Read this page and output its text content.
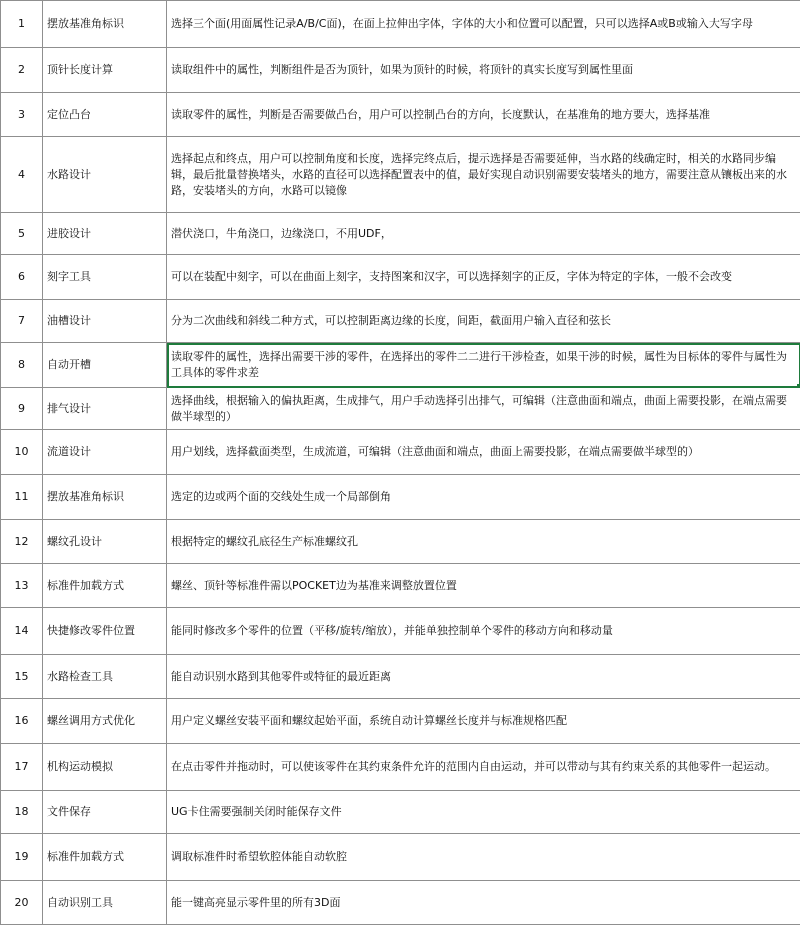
1	摆放基准角标识	选择三个面(用面属性记录A/B/C面)，在面上拉伸出字体，字体的大小和位置可以配置，只可以选择A或B或输入大写字母
2	顶针长度计算	读取组件中的属性，判断组件是否为顶针，如果为顶针的时候，将顶针的真实长度写到属性里面
3	定位凸台	读取零件的属性，判断是否需要做凸台，用户可以控制凸台的方向，长度默认，在基准角的地方要大，选择基准
4	水路设计	选择起点和终点，用户可以控制角度和长度，选择完终点后，提示选择是否需要延伸，当水路的线确定时，相关的水路同步编辑，最后批量替换堵头，水路的直径可以选择配置表中的值，最好实现自动识别需要安装堵头的地方，需要注意从镶板出来的水路，安装堵头的方向，水路可以镜像
5	进胶设计	潜伏浇口，牛角浇口，边缘浇口，不用UDF，
6	刻字工具	可以在装配中刻字，可以在曲面上刻字，支持图案和汉字，可以选择刻字的正反，字体为特定的字体，一般不会改变
7	油槽设计	分为二次曲线和斜线二种方式，可以控制距离边缘的长度，间距，截面用户输入直径和弦长
8	自动开槽	读取零件的属性，选择出需要干涉的零件，在选择出的零件二二进行干涉检查，如果干涉的时候，属性为目标体的零件与属性为工具体的零件求差

9	排气设计	选择曲线，根据输入的偏执距离，生成排气，用户手动选择引出排气，可编辑（注意曲面和端点，曲面上需要投影，在端点需要做半球型的）
10	流道设计	用户划线，选择截面类型，生成流道，可编辑（注意曲面和端点，曲面上需要投影，在端点需要做半球型的）
11	摆放基准角标识	选定的边或两个面的交线处生成一个局部倒角
12	螺纹孔设计	根据特定的螺纹孔底径生产标准螺纹孔
13	标准件加载方式	螺丝、顶针等标准件需以POCKET边为基准来调整放置位置
14	快捷修改零件位置	能同时修改多个零件的位置（平移/旋转/缩放），并能单独控制单个零件的移动方向和移动量
15	水路检查工具	能自动识别水路到其他零件或特征的最近距离
16	螺丝调用方式优化	用户定义螺丝安装平面和螺纹起始平面，系统自动计算螺丝长度并与标准规格匹配
17	机构运动模拟	在点击零件并拖动时，可以使该零件在其约束条件允许的范围内自由运动，并可以带动与其有约束关系的其他零件一起运动。
18	文件保存	UG卡住需要强制关闭时能保存文件
19	标准件加载方式	调取标准件时希望软腔体能自动软腔
20	自动识别工具	能一键高亮显示零件里的所有3D面
